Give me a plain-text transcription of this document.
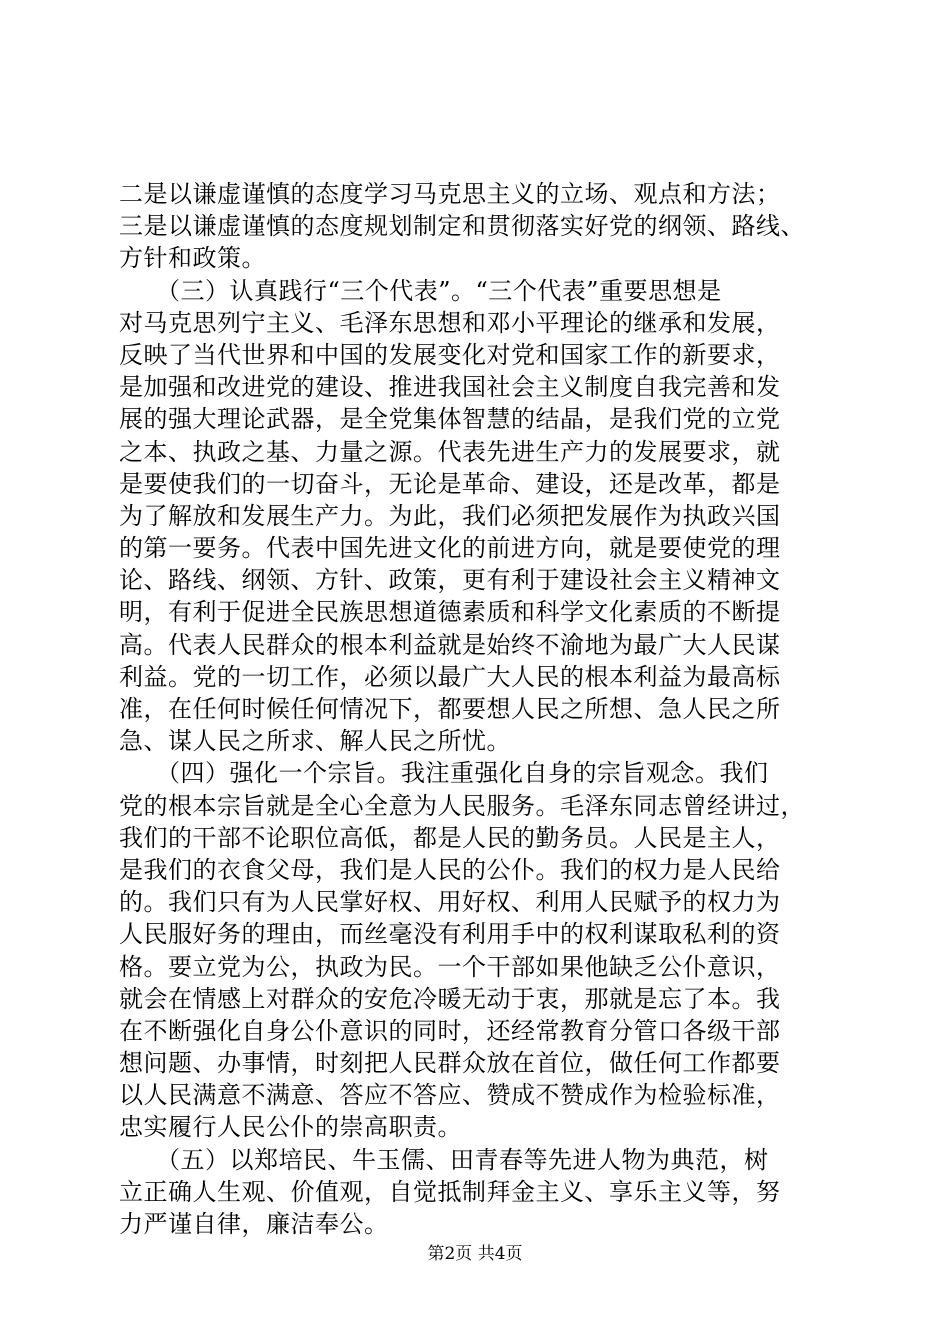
二是以谦虚谨慎的态度学习马克思主义的立场、观点和方法；
三是以谦虚谨慎的态度规划制定和贯彻落实好党的纲领、路线、
方针和政策。
　　（三）认真践行“三个代表”。“三个代表”重要思想是
对马克思列宁主义、毛泽东思想和邓小平理论的继承和发展，
反映了当代世界和中国的发展变化对党和国家工作的新要求，
是加强和改进党的建设、推进我国社会主义制度自我完善和发
展的强大理论武器，是全党集体智慧的结晶，是我们党的立党
之本、执政之基、力量之源。代表先进生产力的发展要求，就
是要使我们的一切奋斗，无论是革命、建设，还是改革，都是
为了解放和发展生产力。为此，我们必须把发展作为执政兴国
的第一要务。代表中国先进文化的前进方向，就是要使党的理
论、路线、纲领、方针、政策，更有利于建设社会主义精神文
明，有利于促进全民族思想道德素质和科学文化素质的不断提
高。代表人民群众的根本利益就是始终不渝地为最广大人民谋
利益。党的一切工作，必须以最广大人民的根本利益为最高标
准，在任何时候任何情况下，都要想人民之所想、急人民之所
急、谋人民之所求、解人民之所忧。
　　（四）强化一个宗旨。我注重强化自身的宗旨观念。我们
党的根本宗旨就是全心全意为人民服务。毛泽东同志曾经讲过，
我们的干部不论职位高低，都是人民的勤务员。人民是主人，
是我们的衣食父母，我们是人民的公仆。我们的权力是人民给
的。我们只有为人民掌好权、用好权、利用人民赋予的权力为
人民服好务的理由，而丝毫没有利用手中的权利谋取私利的资
格。要立党为公，执政为民。一个干部如果他缺乏公仆意识，
就会在情感上对群众的安危冷暖无动于衷，那就是忘了本。我
在不断强化自身公仆意识的同时，还经常教育分管口各级干部
想问题、办事情，时刻把人民群众放在首位，做任何工作都要
以人民满意不满意、答应不答应、赞成不赞成作为检验标准，
忠实履行人民公仆的崇高职责。
　　（五）以郑培民、牛玉儒、田青春等先进人物为典范，树
立正确人生观、价值观，自觉抵制拜金主义、享乐主义等，努
力严谨自律，廉洁奉公。
第2页 共4页
